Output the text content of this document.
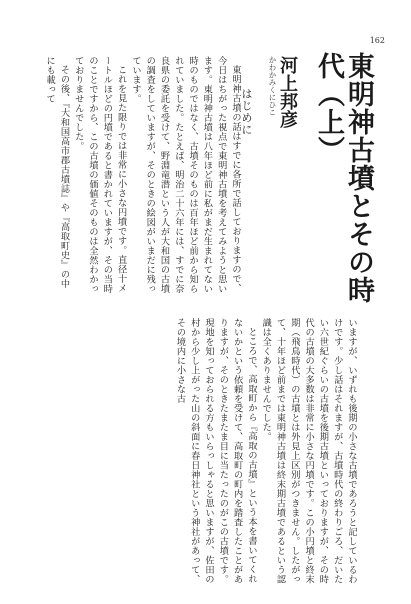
162
東明神古墳とその時代（上）
かわかみくにひこ 河上邦彦
はじめに

東明神古墳の話はすでに各所で話しておりますので、今日はちがった視点で東明神古墳を考えてみようと思います。東明神古墳は八年ほど前に私がまだ生まれてない時のものではなく、古墳そのものは百年ほど前から知られていました。たとえば、明治二十六年には、すでに奈良県の委託を受けて、野淵竜潜という人が大和国の古墳の調査をしていますが、そのときの絵図がいまだに残っています。

これを見た限りでは非常に小さな円墳です。直径十メートルほどの円墳であると書かれていますが、その当時のことですから、この古墳の価値そのものは全然わかっておりませんでした。

その後、『大和国高市郡古墳誌』や『高取町史』の中にも載って

いますが、いずれも後期の小さな古墳であろうと記しているわけです。少し話はそれますが、古墳時代の終わりごろ、だいたい六世紀ぐらいの古墳を後期古墳といっておりますが、その時代の古墳の大多数は非常に小さな円墳です。この小円墳と終末期（飛鳥時代）の古墳とは外見上区別がつきません。したがって、十年ほど前までは東明神古墳は終末期古墳であるという認識は全くありませんでした。

ところで、高取町から『高取の古墳』という本を書いてくれないかという依頼を受けて、高取町の町内を踏査したことがありますが、そのときたまたま目に当たったのがこの古墳です。現地を知っておられる方もいらっしゃると思いますが、佐田の村から少し上がった山の斜面に春日神社という神社があって、その境内に小さな古
